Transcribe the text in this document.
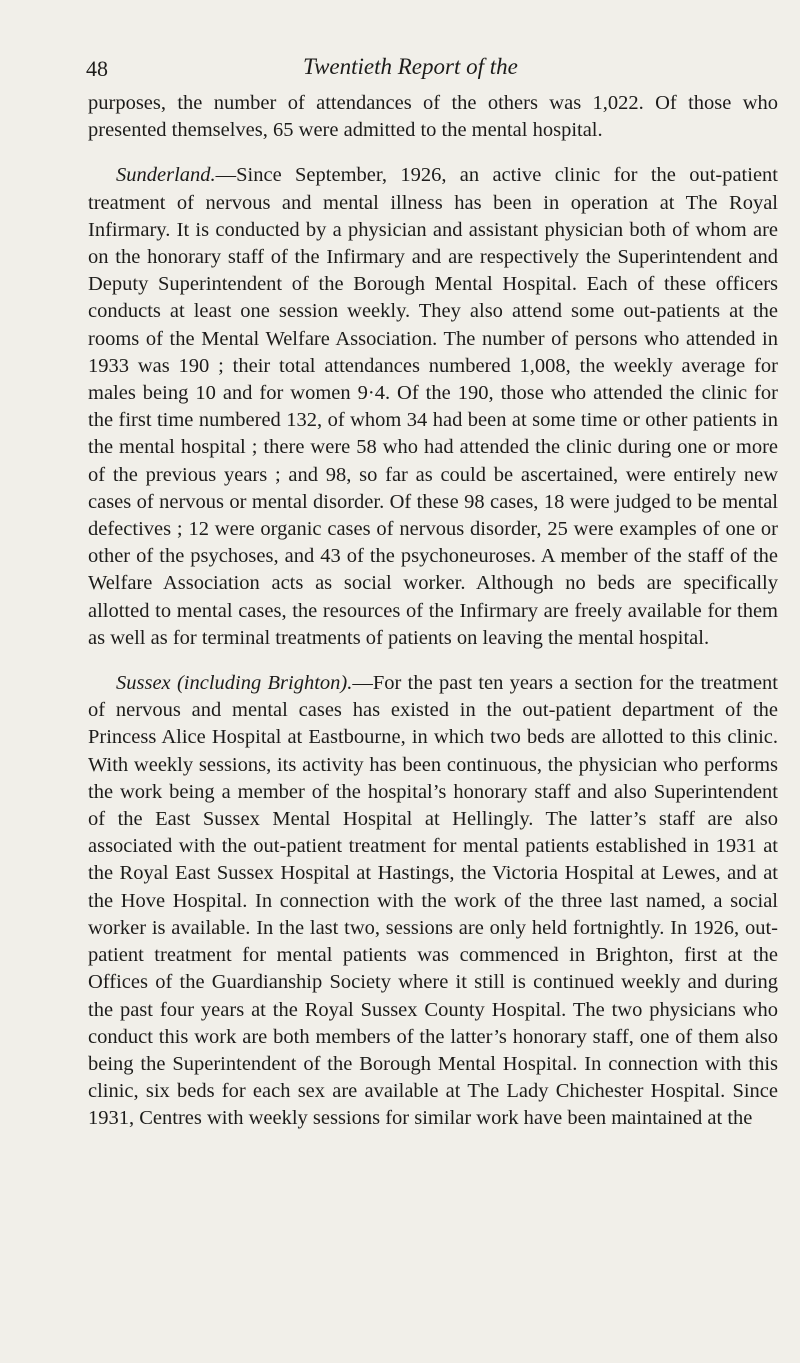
48	Twentieth Report of the

purposes, the number of attendances of the others was 1,022. Of those who presented themselves, 65 were admitted to the mental hospital.

Sunderland.—Since September, 1926, an active clinic for the out-patient treatment of nervous and mental illness has been in operation at The Royal Infirmary. It is conducted by a physician and assistant physician both of whom are on the honorary staff of the Infirmary and are respectively the Superintendent and Deputy Superintendent of the Borough Mental Hospital. Each of these officers conducts at least one session weekly. They also attend some out-patients at the rooms of the Mental Welfare Association. The number of persons who attended in 1933 was 190 ; their total attendances numbered 1,008, the weekly average for males being 10 and for women 9·4. Of the 190, those who attended the clinic for the first time numbered 132, of whom 34 had been at some time or other patients in the mental hospital ; there were 58 who had attended the clinic during one or more of the previous years ; and 98, so far as could be ascertained, were entirely new cases of nervous or mental disorder. Of these 98 cases, 18 were judged to be mental defectives ; 12 were organic cases of nervous disorder, 25 were examples of one or other of the psychoses, and 43 of the psychoneuroses. A member of the staff of the Welfare Association acts as social worker. Although no beds are specifically allotted to mental cases, the resources of the Infirmary are freely available for them as well as for terminal treatments of patients on leaving the mental hospital.

Sussex (including Brighton).—For the past ten years a section for the treatment of nervous and mental cases has existed in the out-patient department of the Princess Alice Hospital at Eastbourne, in which two beds are allotted to this clinic. With weekly sessions, its activity has been continuous, the physician who performs the work being a member of the hospital’s honorary staff and also Superintendent of the East Sussex Mental Hospital at Hellingly. The latter’s staff are also associated with the out-patient treatment for mental patients established in 1931 at the Royal East Sussex Hospital at Hastings, the Victoria Hospital at Lewes, and at the Hove Hospital. In connection with the work of the three last named, a social worker is available. In the last two, sessions are only held fortnightly. In 1926, out-patient treatment for mental patients was commenced in Brighton, first at the Offices of the Guardianship Society where it still is continued weekly and during the past four years at the Royal Sussex County Hospital. The two physicians who conduct this work are both members of the latter’s honorary staff, one of them also being the Superintendent of the Borough Mental Hospital. In connection with this clinic, six beds for each sex are available at The Lady Chichester Hospital. Since 1931, Centres with weekly sessions for similar work have been maintained at the
